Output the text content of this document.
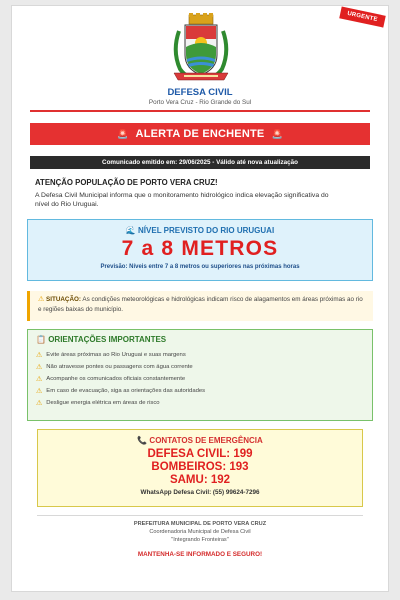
URGENTE
DEFESA CIVIL
Porto Vera Cruz - Rio Grande do Sul
🚨 ALERTA DE ENCHENTE 🚨
Comunicado emitido em: 29/06/2025 - Válido até nova atualização
ATENÇÃO POPULAÇÃO DE PORTO VERA CRUZ!
A Defesa Civil Municipal informa que o monitoramento hidrológico indica elevação significativa do nível do Rio Uruguai.
🌊 NÍVEL PREVISTO DO RIO URUGUAI
7 a 8 METROS
Previsão: Níveis entre 7 a 8 metros ou superiores nas próximas horas
⚠ SITUAÇÃO: As condições meteorológicas e hidrológicas indicam risco de alagamentos em áreas próximas ao rio e regiões baixas do município.
📋 ORIENTAÇÕES IMPORTANTES
⚠ Evite áreas próximas ao Rio Uruguai e suas margens
⚠ Não atravesse pontes ou passagens com água corrente
⚠ Acompanhe os comunicados oficiais constantemente
⚠ Em caso de evacuação, siga as orientações das autoridades
⚠ Desligue energia elétrica em áreas de risco
📞 CONTATOS DE EMERGÊNCIA
DEFESA CIVIL: 199
BOMBEIROS: 193
SAMU: 192
WhatsApp Defesa Civil: (55) 99624-7296
PREFEITURA MUNICIPAL DE PORTO VERA CRUZ
Coordenadoria Municipal de Defesa Civil
"Integrando Fronteiras"
MANTENHA-SE INFORMADO E SEGURO!
